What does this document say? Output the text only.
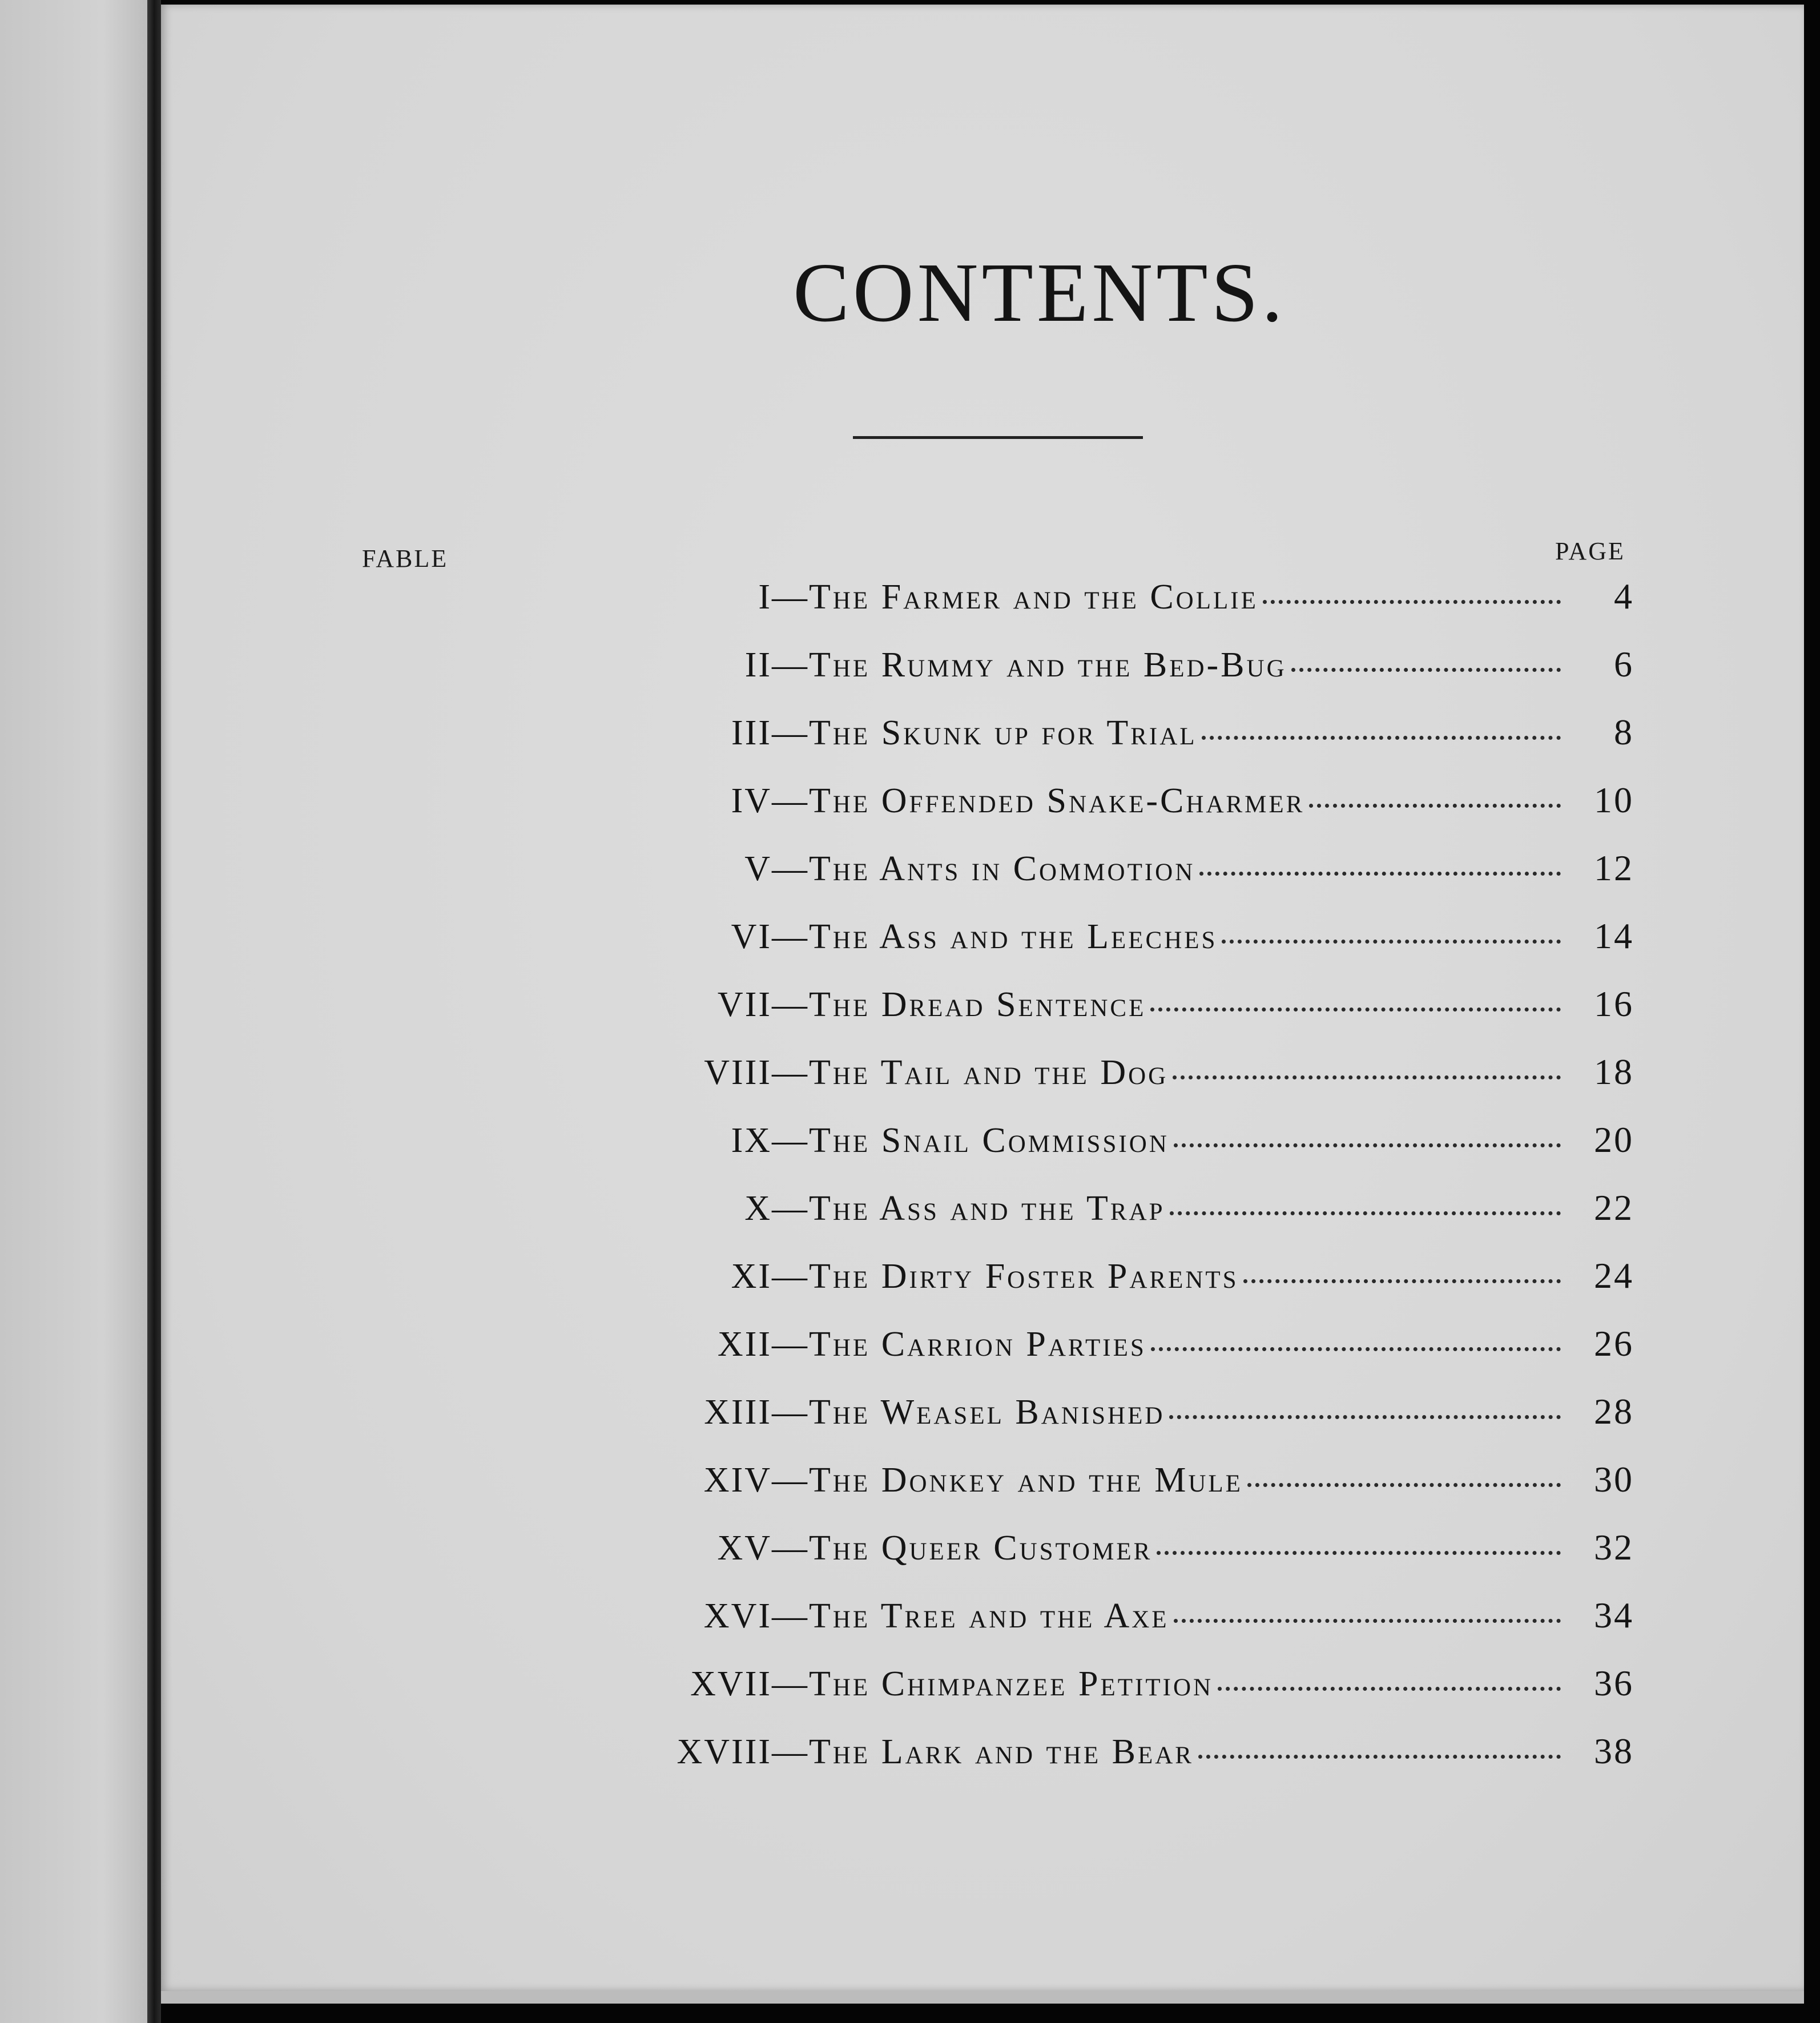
CONTENTS.
FABLE	PAGE
I — The Farmer and the Collie	4
II — The Rummy and the Bed-Bug	6
III — The Skunk up for Trial	8
IV — The Offended Snake-Charmer	10
V — The Ants in Commotion	12
VI — The Ass and the Leeches	14
VII — The Dread Sentence	16
VIII — The Tail and the Dog	18
IX — The Snail Commission	20
X — The Ass and the Trap	22
XI — The Dirty Foster Parents	24
XII — The Carrion Parties	26
XIII — The Weasel Banished	28
XIV — The Donkey and the Mule	30
XV — The Queer Customer	32
XVI — The Tree and the Axe	34
XVII — The Chimpanzee Petition	36
XVIII — The Lark and the Bear	38
